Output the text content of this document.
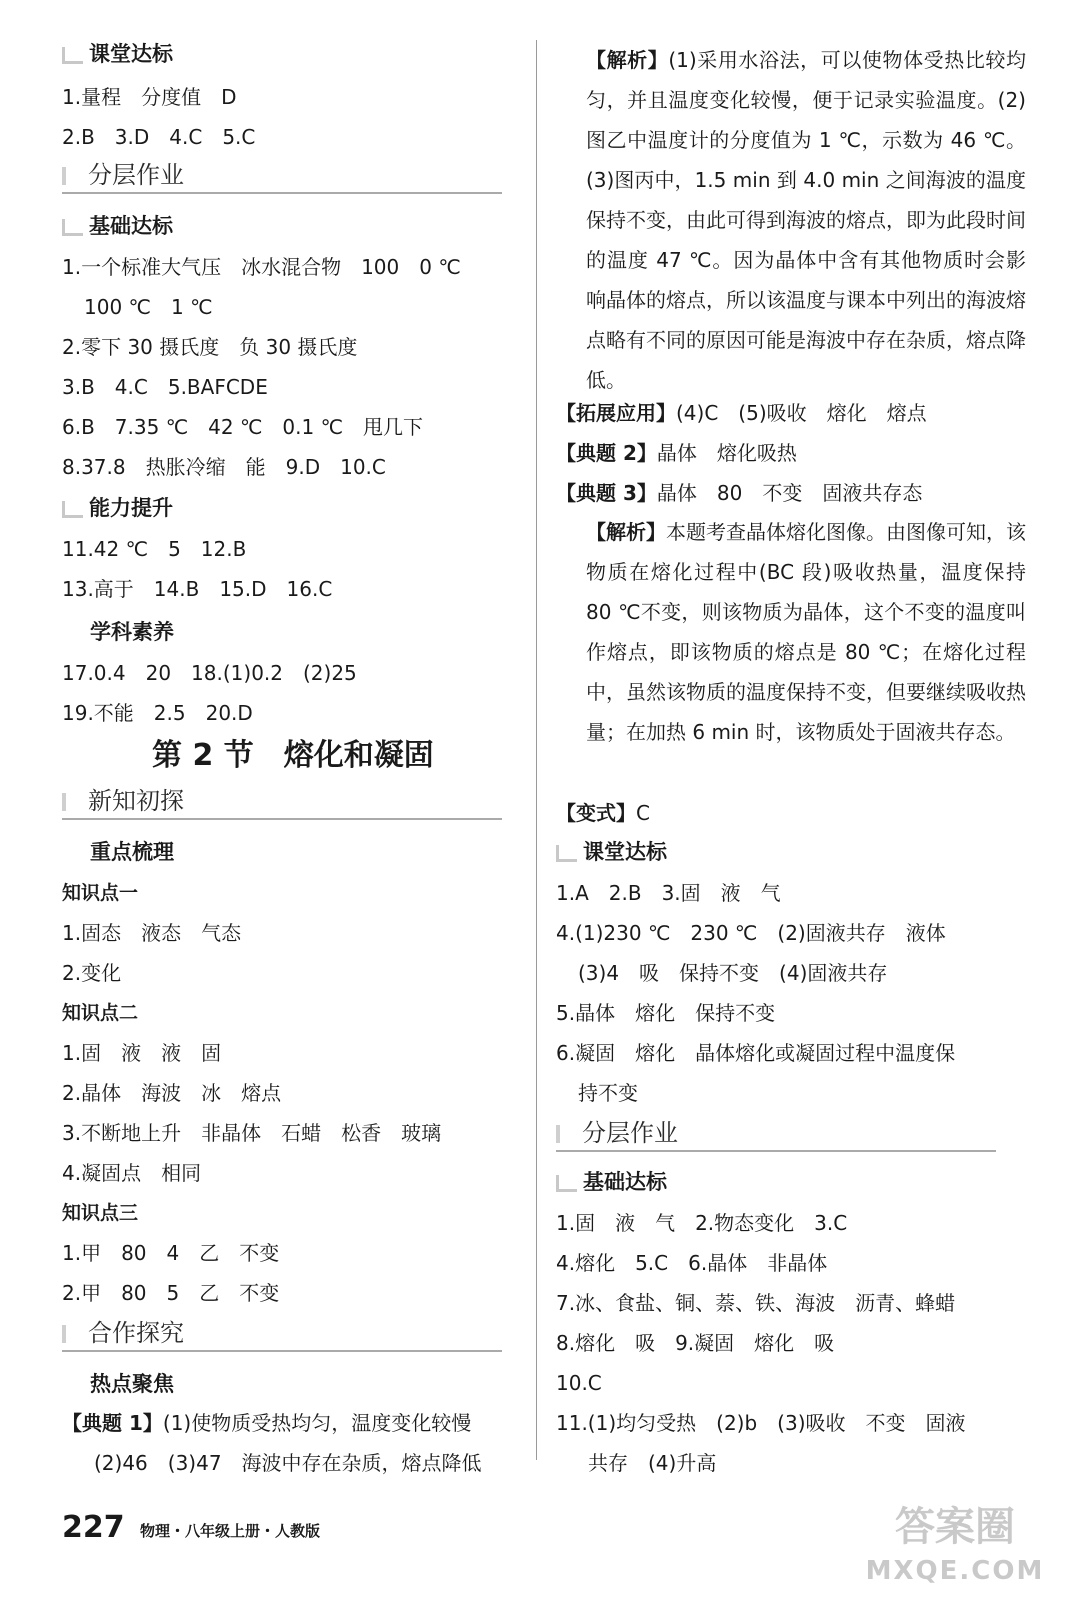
课堂达标
1.量程　分度值　D
2.B　3.D　4.C　5.C
分层作业
基础达标
1.一个标准大气压　冰水混合物　100　0 ℃
100 ℃　1 ℃
2.零下 30 摄氏度　负 30 摄氏度
3.B　4.C　5.BAFCDE
6.B　7.35 ℃　42 ℃　0.1 ℃　甩几下
8.37.8　热胀冷缩　能　9.D　10.C
能力提升
11.42 ℃　5　12.B
13.高于　14.B　15.D　16.C
学科素养
17.0.4　20　18.(1)0.2　(2)25
19.不能　2.5　20.D
第 2 节　熔化和凝固
新知初探
重点梳理
知识点一
1.固态　液态　气态
2.变化
知识点二
1.固　液　液　固
2.晶体　海波　冰　熔点
3.不断地上升　非晶体　石蜡　松香　玻璃
4.凝固点　相同
知识点三
1.甲　80　4　乙　不变
2.甲　80　5　乙　不变
合作探究
热点聚焦
【典题 1】(1)使物质受热均匀，温度变化较慢
(2)46　(3)47　海波中存在杂质，熔点降低
【解析】(1)采用水浴法，可以使物体受热比较均匀，并且温度变化较慢，便于记录实验温度。(2)图乙中温度计的分度值为 1 ℃，示数为 46 ℃。(3)图丙中，1.5 min 到 4.0 min 之间海波的温度保持不变，由此可得到海波的熔点，即为此段时间的温度 47 ℃。因为晶体中含有其他物质时会影响晶体的熔点，所以该温度与课本中列出的海波熔点略有不同的原因可能是海波中存在杂质，熔点降低。
【拓展应用】(4)C　(5)吸收　熔化　熔点
【典题 2】晶体　熔化吸热
【典题 3】晶体　80　不变　固液共存态
【解析】本题考查晶体熔化图像。由图像可知，该物质在熔化过程中(BC 段)吸收热量，温度保持 80 ℃不变，则该物质为晶体，这个不变的温度叫作熔点，即该物质的熔点是 80 ℃；在熔化过程中，虽然该物质的温度保持不变，但要继续吸收热量；在加热 6 min 时，该物质处于固液共存态。
【变式】C
课堂达标
1.A　2.B　3.固　液　气
4.(1)230 ℃　230 ℃　(2)固液共存　液体
(3)4　吸　保持不变　(4)固液共存
5.晶体　熔化　保持不变
6.凝固　熔化　晶体熔化或凝固过程中温度保
持不变
分层作业
基础达标
1.固　液　气　2.物态变化　3.C
4.熔化　5.C　6.晶体　非晶体
7.冰、食盐、铜、萘、铁、海波　沥青、蜂蜡
8.熔化　吸　9.凝固　熔化　吸
10.C
11.(1)均匀受热　(2)b　(3)吸收　不变　固液
共存　(4)升高
227 物理・八年级上册・人教版	答案圈
MXQE.COM
